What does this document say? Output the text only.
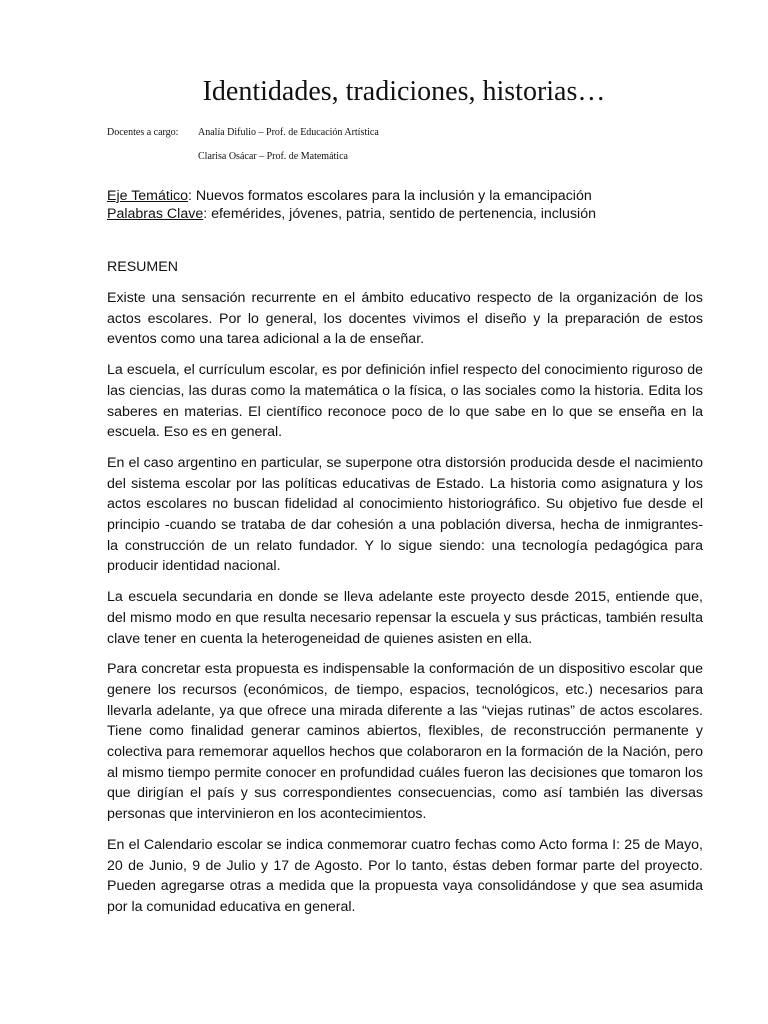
Identidades, tradiciones, historias…
Docentes a cargo:	Analía Difulio – Prof. de Educación Artística
Clarisa Osácar – Prof. de Matemática
Eje Temático: Nuevos formatos escolares para la inclusión y la emancipación
Palabras Clave: efemérides, jóvenes, patria, sentido de pertenencia, inclusión
RESUMEN

Existe una sensación recurrente en el ámbito educativo respecto de la organización de los actos escolares. Por lo general, los docentes vivimos el diseño y la preparación de estos eventos como una tarea adicional a la de enseñar.

La escuela, el currículum escolar, es por definición infiel respecto del conocimiento riguroso de las ciencias, las duras como la matemática o la física, o las sociales como la historia. Edita los saberes en materias. El científico reconoce poco de lo que sabe en lo que se enseña en la escuela. Eso es en general.

En el caso argentino en particular, se superpone otra distorsión producida desde el nacimiento del sistema escolar por las políticas educativas de Estado. La historia como asignatura y los actos escolares no buscan fidelidad al conocimiento historiográfico. Su objetivo fue desde el principio -cuando se trataba de dar cohesión a una población diversa, hecha de inmigrantes- la construcción de un relato fundador. Y lo sigue siendo: una tecnología pedagógica para producir identidad nacional.

La escuela secundaria en donde se lleva adelante este proyecto desde 2015, entiende que, del mismo modo en que resulta necesario repensar la escuela y sus prácticas, también resulta clave tener en cuenta la heterogeneidad de quienes asisten en ella.

Para concretar esta propuesta es indispensable la conformación de un dispositivo escolar que genere los recursos (económicos, de tiempo, espacios, tecnológicos, etc.) necesarios para llevarla adelante, ya que ofrece una mirada diferente a las “viejas rutinas” de actos escolares. Tiene como finalidad generar caminos abiertos, flexibles, de reconstrucción permanente y colectiva para rememorar aquellos hechos que colaboraron en la formación de la Nación, pero al mismo tiempo permite conocer en profundidad cuáles fueron las decisiones que tomaron los que dirigían el país y sus correspondientes consecuencias, como así también las diversas personas que intervinieron en los acontecimientos.

En el Calendario escolar se indica conmemorar cuatro fechas como Acto forma I: 25 de Mayo, 20 de Junio, 9 de Julio y 17 de Agosto. Por lo tanto, éstas deben formar parte del proyecto. Pueden agregarse otras a medida que la propuesta vaya consolidándose y que sea asumida por la comunidad educativa en general.
